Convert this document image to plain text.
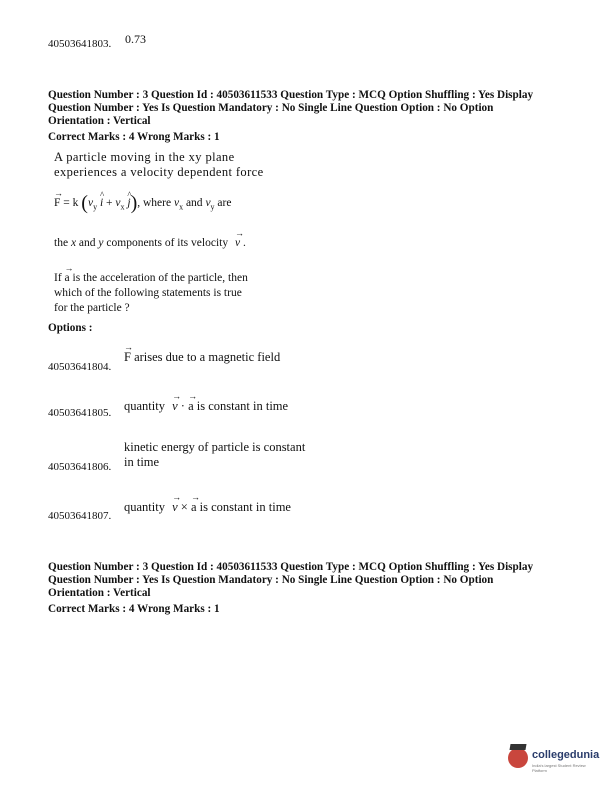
40503641803. 0.73
Question Number : 3 Question Id : 40503611533 Question Type : MCQ Option Shuffling : Yes Display
Question Number : Yes Is Question Mandatory : No Single Line Question Option : No Option
Orientation : Vertical
Correct Marks : 4 Wrong Marks : 1
A particle moving in the xy plane
experiences a velocity dependent force
→
F = k ($v_y$
^
$i + v_x$
^
j), where $v_x$ and $v_y$ are
the x and y components of its velocity
→
v .
If
→
a is the acceleration of the particle, then
which of the following statements is true
for the particle ?
Options :
40503641804.
→
F arises due to a magnetic field
40503641805. quantity
→
v ·
→
a is constant in time
kinetic energy of particle is constant
in time
40503641806.
40503641807.
quantity
→
v ×
→
a is constant in time
Question Number : 3 Question Id : 40503611533 Question Type : MCQ Option Shuffling : Yes Display
Question Number : Yes Is Question Mandatory : No Single Line Question Option : No Option
Orientation : Vertical
Correct Marks : 4 Wrong Marks : 1
collegedunia
India's largest Student Review Platform
